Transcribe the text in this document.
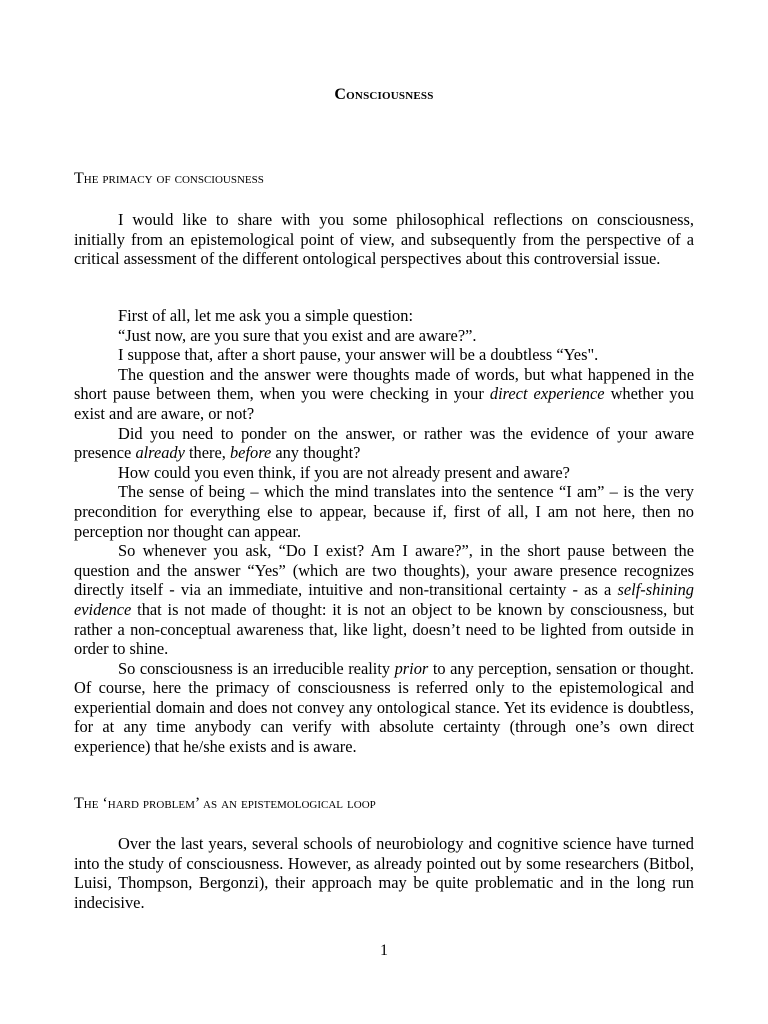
Consciousness
The primacy of consciousness

I would like to share with you some philosophical reflections on consciousness, initially from an epistemological point of view, and subsequently from the perspective of a critical assessment of the different ontological perspectives about this controversial issue.

First of all, let me ask you a simple question:

“Just now, are you sure that you exist and are aware?”.

I suppose that, after a short pause, your answer will be a doubtless “Yes".

The question and the answer were thoughts made of words, but what happened in the short pause between them, when you were checking in your direct experience whether you exist and are aware, or not?

Did you need to ponder on the answer, or rather was the evidence of your aware presence already there, before any thought?

How could you even think, if you are not already present and aware?

The sense of being – which the mind translates into the sentence “I am” – is the very precondition for everything else to appear, because if, first of all, I am not here, then no perception nor thought can appear.

So whenever you ask, “Do I exist? Am I aware?”, in the short pause between the question and the answer “Yes” (which are two thoughts), your aware presence recognizes directly itself - via an immediate, intuitive and non-transitional certainty - as a self-shining evidence that is not made of thought: it is not an object to be known by consciousness, but rather a non-conceptual awareness that, like light, doesn’t need to be lighted from outside in order to shine.

So consciousness is an irreducible reality prior to any perception, sensation or thought. Of course, here the primacy of consciousness is referred only to the epistemological and experiential domain and does not convey any ontological stance. Yet its evidence is doubtless, for at any time anybody can verify with absolute certainty (through one’s own direct experience) that he/she exists and is aware.

The ‘hard problem’ as an epistemological loop

Over the last years, several schools of neurobiology and cognitive science have turned into the study of consciousness. However, as already pointed out by some researchers (Bitbol, Luisi, Thompson, Bergonzi), their approach may be quite problematic and in the long run indecisive.

1
